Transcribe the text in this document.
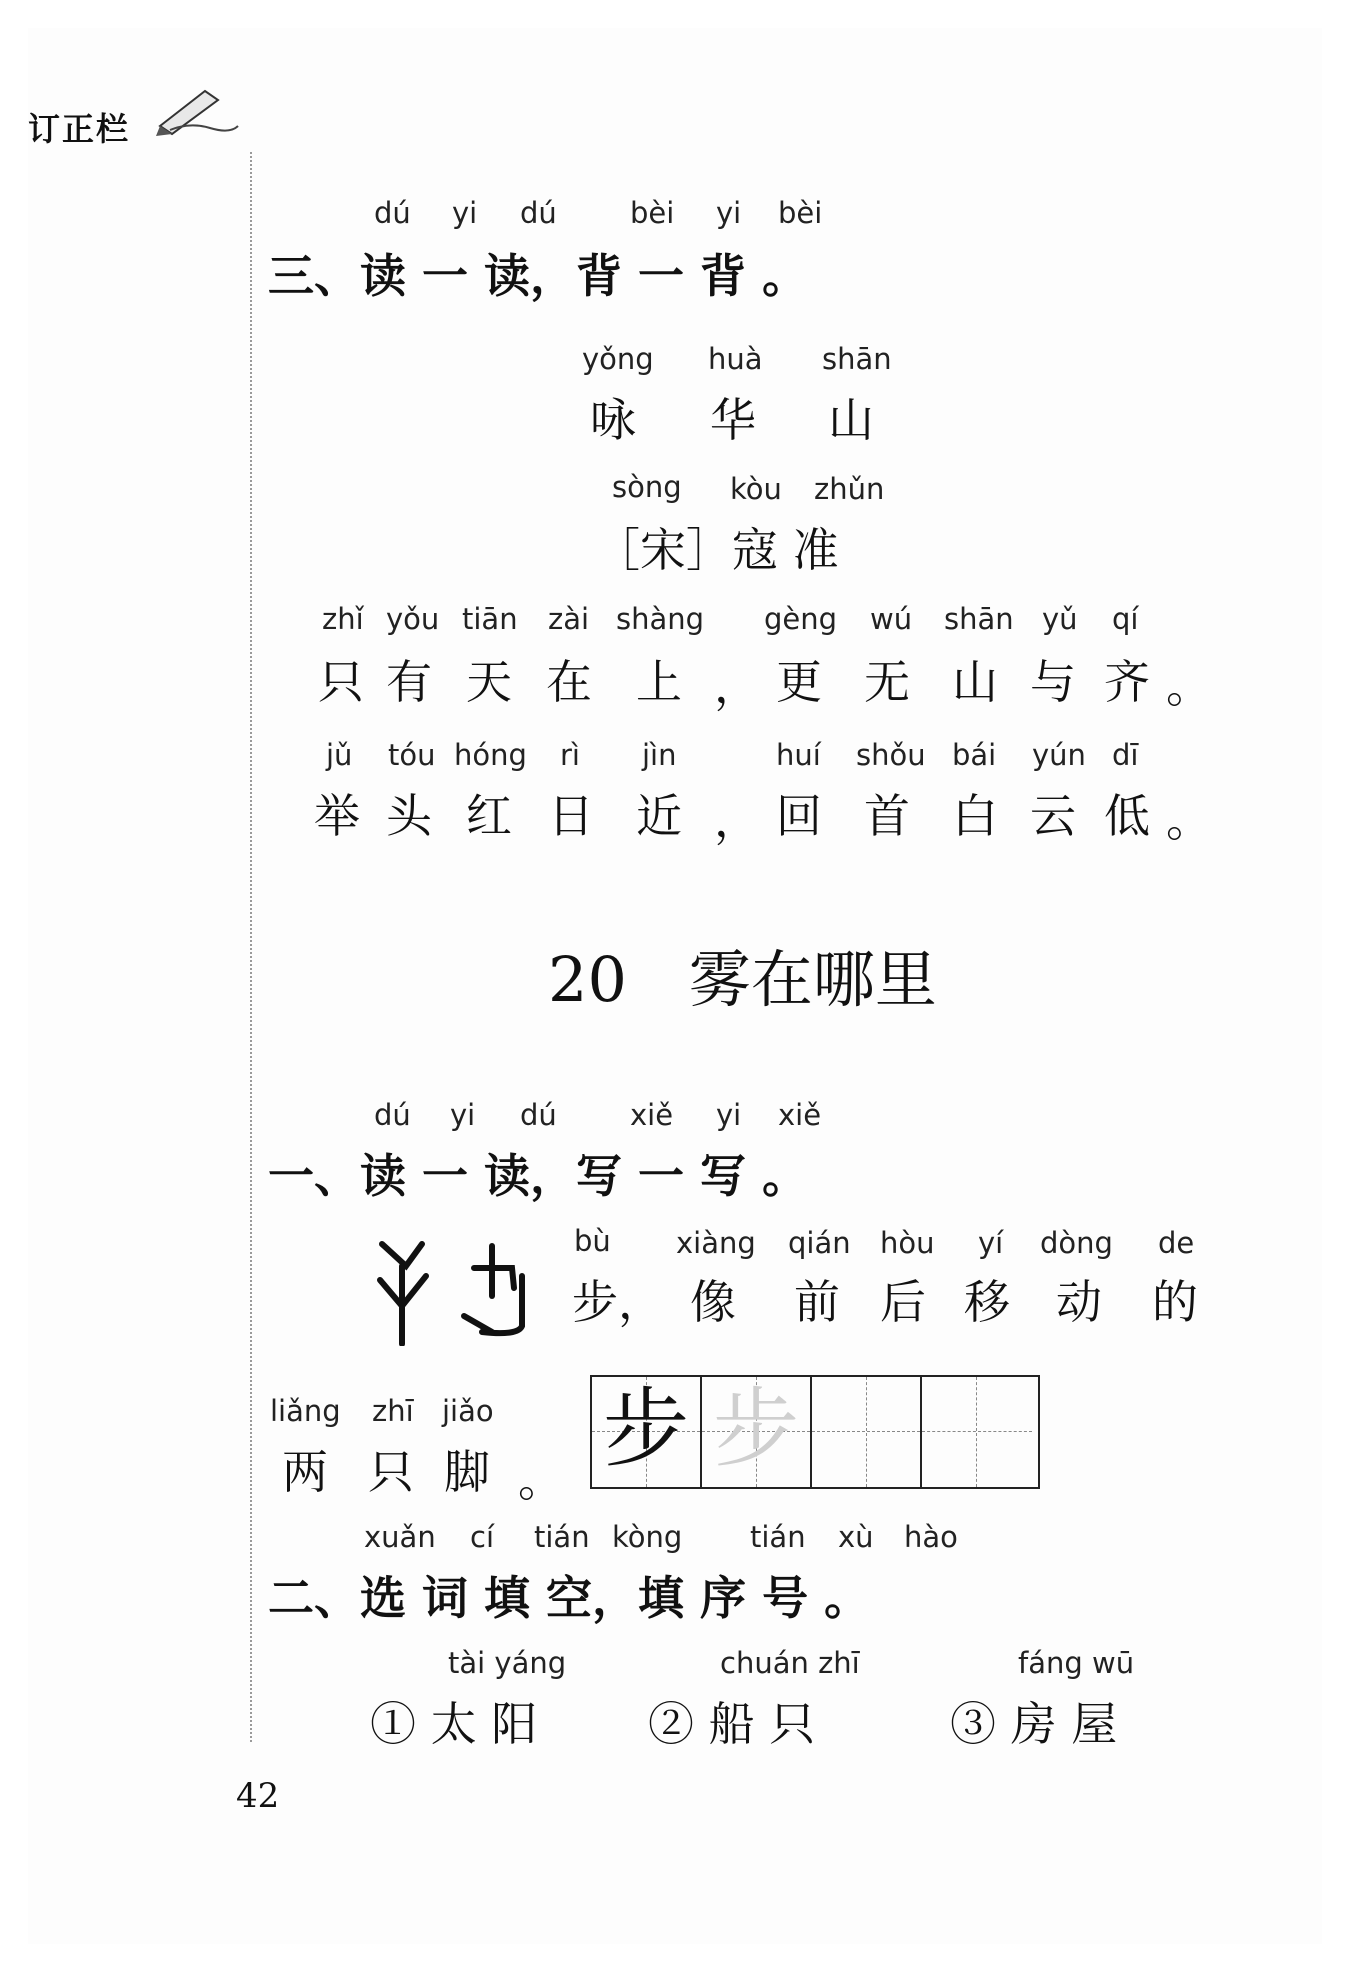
订正栏
dú yi dú	bèi yi bèi
三、读 一 读，背 一 背 。
yǒng huà shān
咏 华 山
sòng kòu zhǔn
［宋］寇 准
zhǐ yǒu tiān zài shàng gèng wú shān yǔ qí
只 有 天 在 上 ， 更 无 山 与 齐 。
jǔ tóu hóng rì jìn	huí shǒu bái yún dī
举 头 红 日 近 ， 回 首 白 云 低 。
20　雾在哪里
dú yi dú	xiě yi xiě
一、读 一 读，写 一 写 。
bù xiàng qián hòu yí dòng de
步， 像 前 后 移 动 的
liǎng zhī jiǎo
两 只 脚 。
步 步
xuǎn cí tián kòng tián xù hào
二、选 词 填 空，填 序 号 。
tài yáng	chuán zhī	fáng wū
① 太 阳 ② 船 只	③ 房 屋
42
